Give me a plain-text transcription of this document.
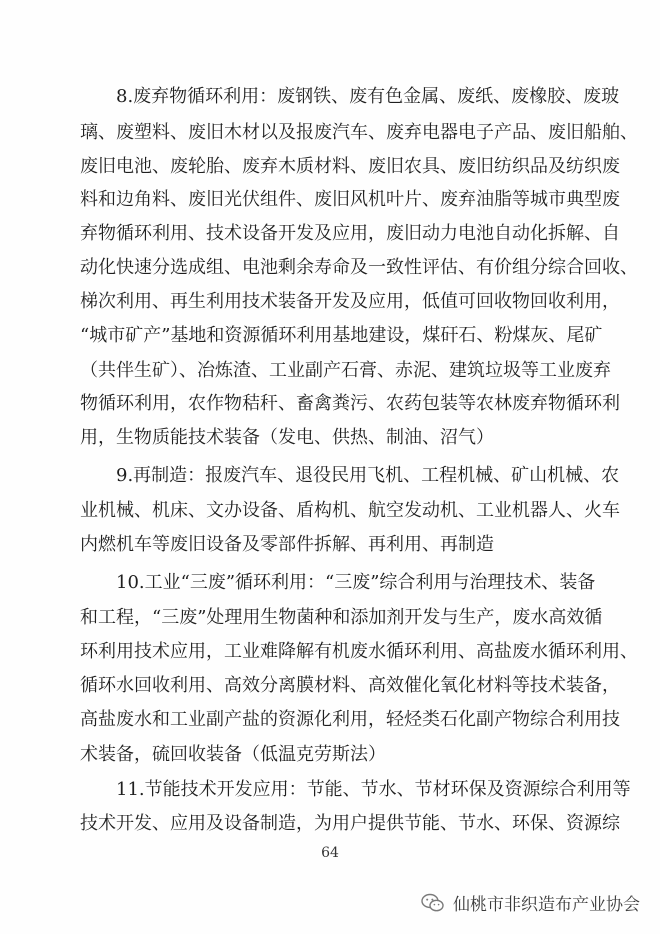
8.废弃物循环利用：废钢铁、废有色金属、废纸、废橡胶、废玻
璃、废塑料、废旧木材以及报废汽车、废弃电器电子产品、废旧船舶、
废旧电池、废轮胎、废弃木质材料、废旧农具、废旧纺织品及纺织废
料和边角料、废旧光伏组件、废旧风机叶片、废弃油脂等城市典型废
弃物循环利用、技术设备开发及应用，废旧动力电池自动化拆解、自
动化快速分选成组、电池剩余寿命及一致性评估、有价组分综合回收、
梯次利用、再生利用技术装备开发及应用，低值可回收物回收利用，
“城市矿产”基地和资源循环利用基地建设，煤矸石、粉煤灰、尾矿
（共伴生矿）、冶炼渣、工业副产石膏、赤泥、建筑垃圾等工业废弃
物循环利用，农作物秸秆、畜禽粪污、农药包装等农林废弃物循环利
用，生物质能技术装备（发电、供热、制油、沼气）
9.再制造：报废汽车、退役民用飞机、工程机械、矿山机械、农
业机械、机床、文办设备、盾构机、航空发动机、工业机器人、火车
内燃机车等废旧设备及零部件拆解、再利用、再制造
10.工业“三废”循环利用：“三废”综合利用与治理技术、装备
和工程，“三废”处理用生物菌种和添加剂开发与生产，废水高效循
环利用技术应用，工业难降解有机废水循环利用、高盐废水循环利用、
循环水回收利用、高效分离膜材料、高效催化氧化材料等技术装备，
高盐废水和工业副产盐的资源化利用，轻烃类石化副产物综合利用技
术装备，硫回收装备（低温克劳斯法）
11.节能技术开发应用：节能、节水、节材环保及资源综合利用等
技术开发、应用及设备制造，为用户提供节能、节水、环保、资源综
64
仙桃市非织造布产业协会
